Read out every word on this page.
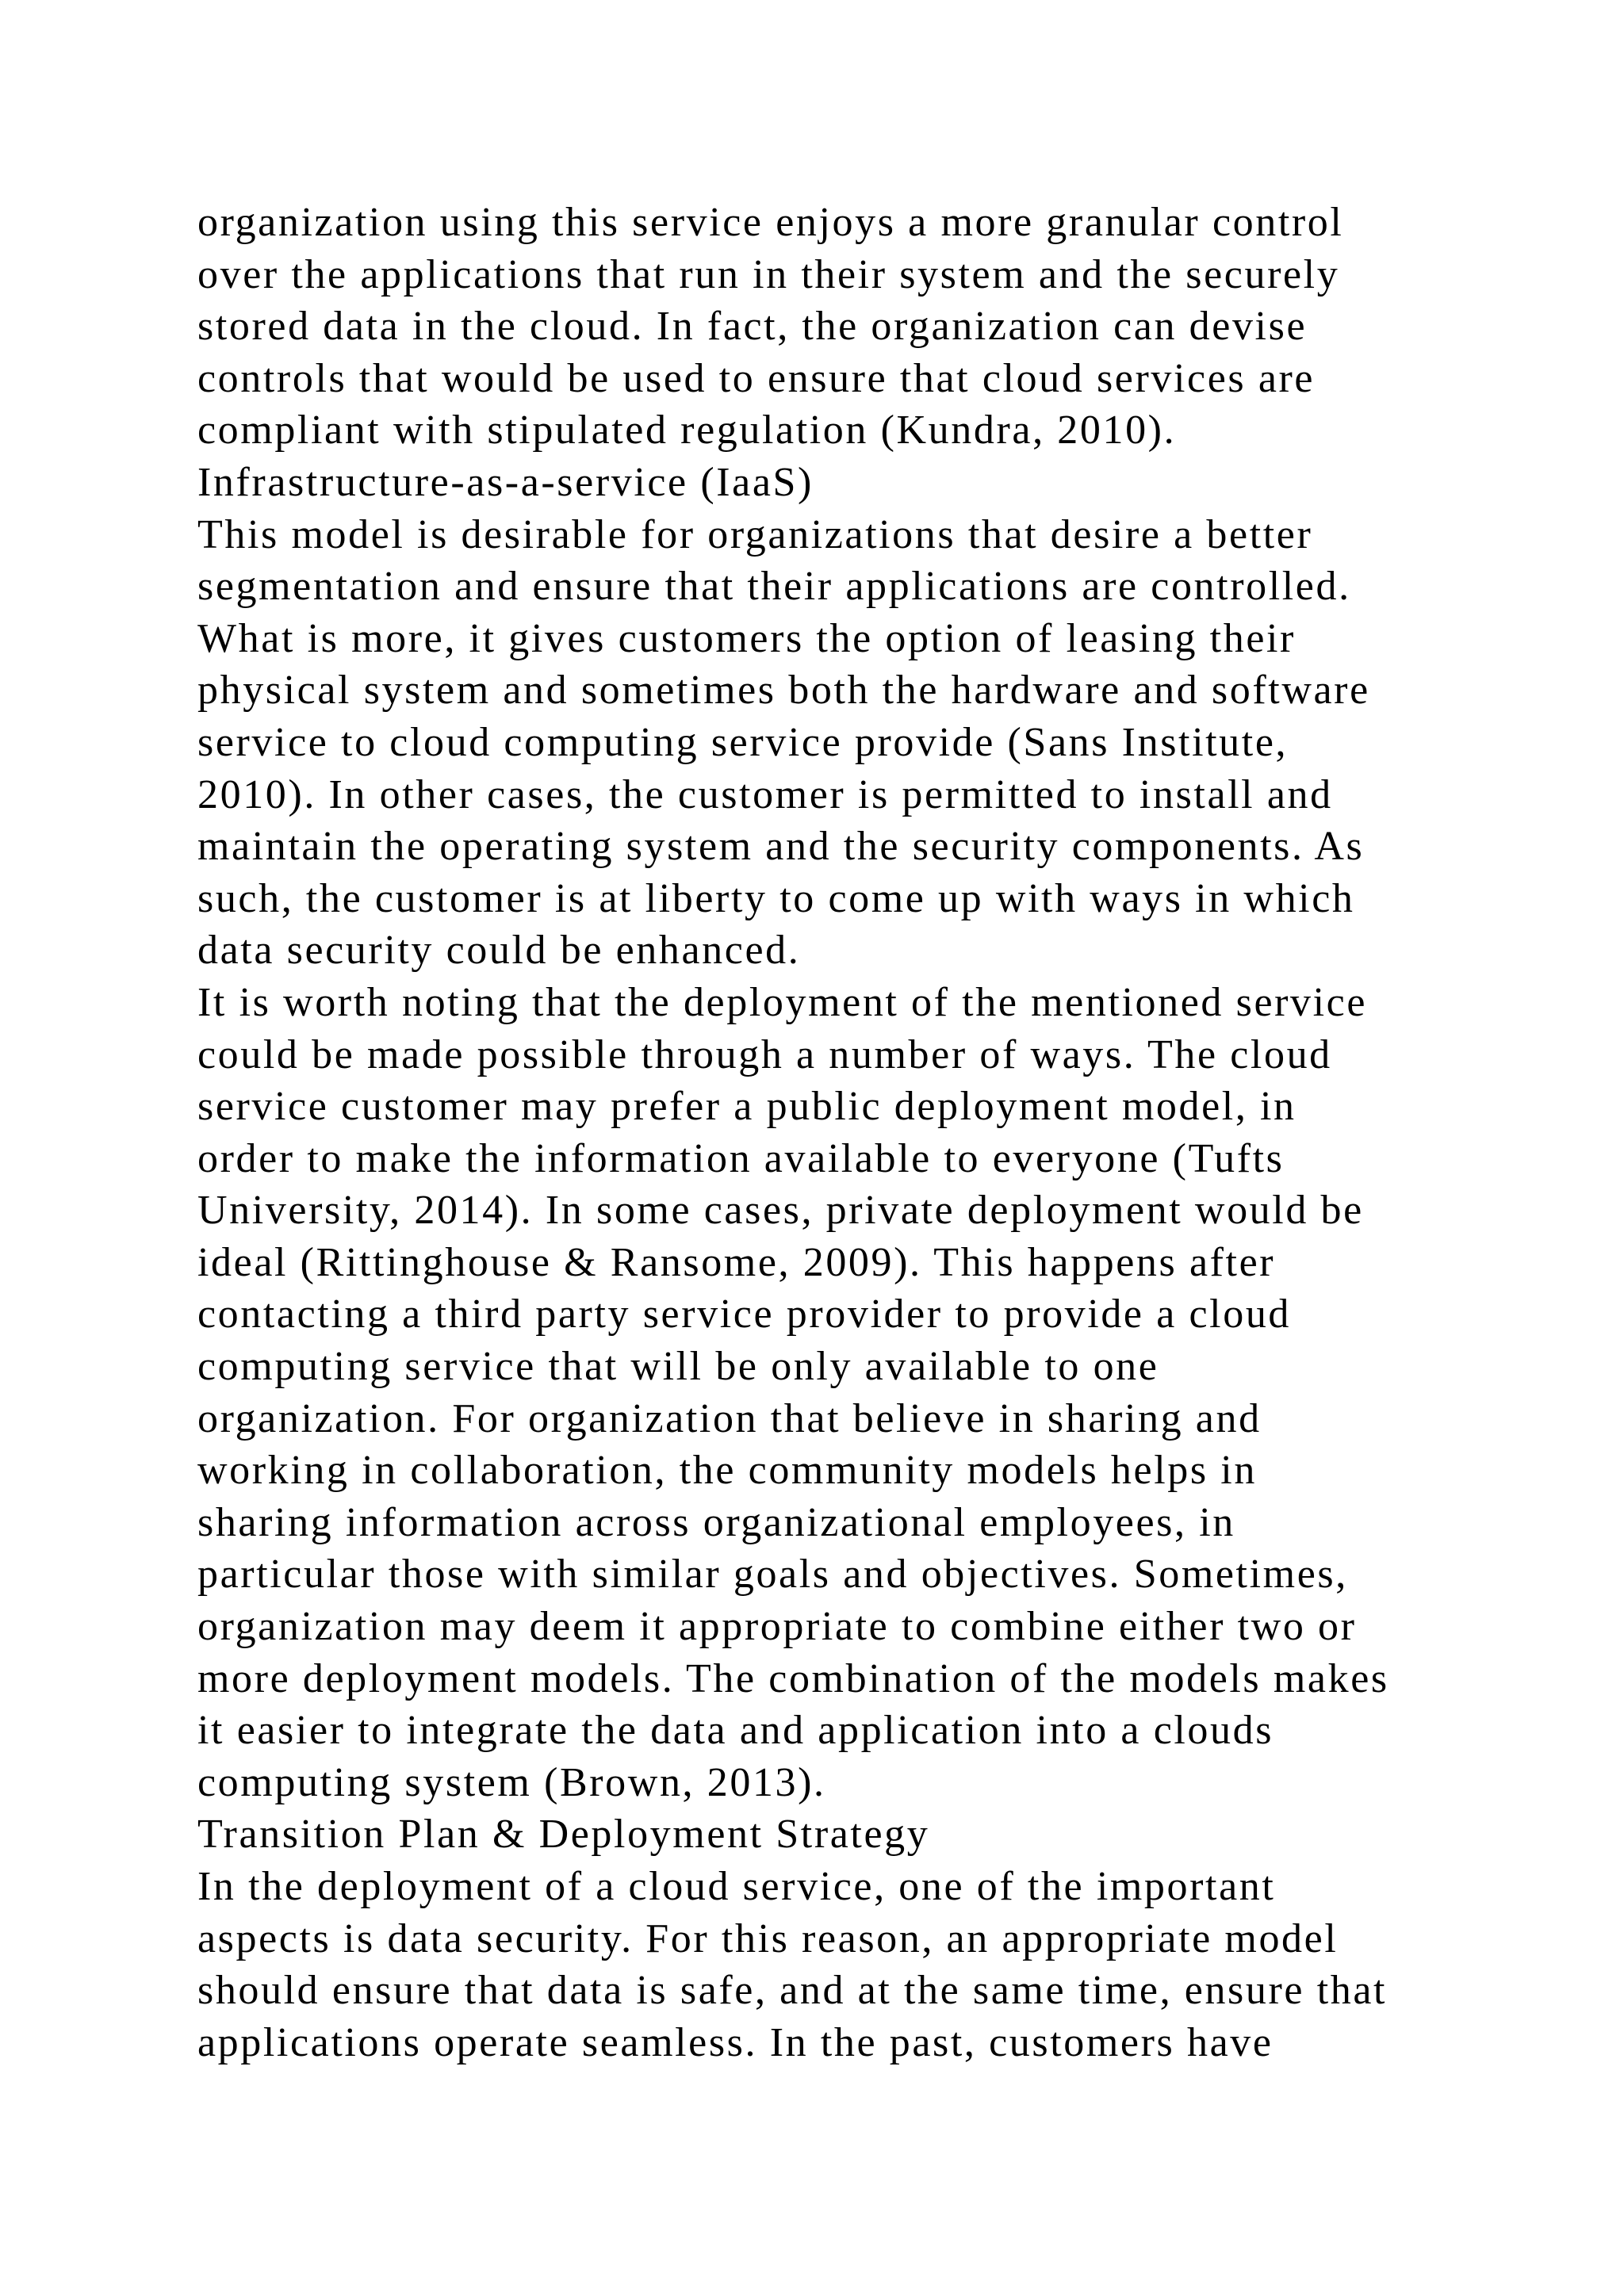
organization using this service enjoys a more granular control
over the applications that run in their system and the securely
stored data in the cloud. In fact, the organization can devise
controls that would be used to ensure that cloud services are
compliant with stipulated regulation (Kundra, 2010).
Infrastructure-as-a-service (IaaS)
This model is desirable for organizations that desire a better
segmentation and ensure that their applications are controlled.
What is more, it gives customers the option of leasing their
physical system and sometimes both the hardware and software
service to cloud computing service provide (Sans Institute,
2010). In other cases, the customer is permitted to install and
maintain the operating system and the security components. As
such, the customer is at liberty to come up with ways in which
data security could be enhanced.
It is worth noting that the deployment of the mentioned service
could be made possible through a number of ways. The cloud
service customer may prefer a public deployment model, in
order to make the information available to everyone (Tufts
University, 2014). In some cases, private deployment would be
ideal (Rittinghouse & Ransome, 2009). This happens after
contacting a third party service provider to provide a cloud
computing service that will be only available to one
organization. For organization that believe in sharing and
working in collaboration, the community models helps in
sharing information across organizational employees, in
particular those with similar goals and objectives. Sometimes,
organization may deem it appropriate to combine either two or
more deployment models. The combination of the models makes
it easier to integrate the data and application into a clouds
computing system (Brown, 2013).
Transition Plan & Deployment Strategy
In the deployment of a cloud service, one of the important
aspects is data security. For this reason, an appropriate model
should ensure that data is safe, and at the same time, ensure that
applications operate seamless. In the past, customers have
